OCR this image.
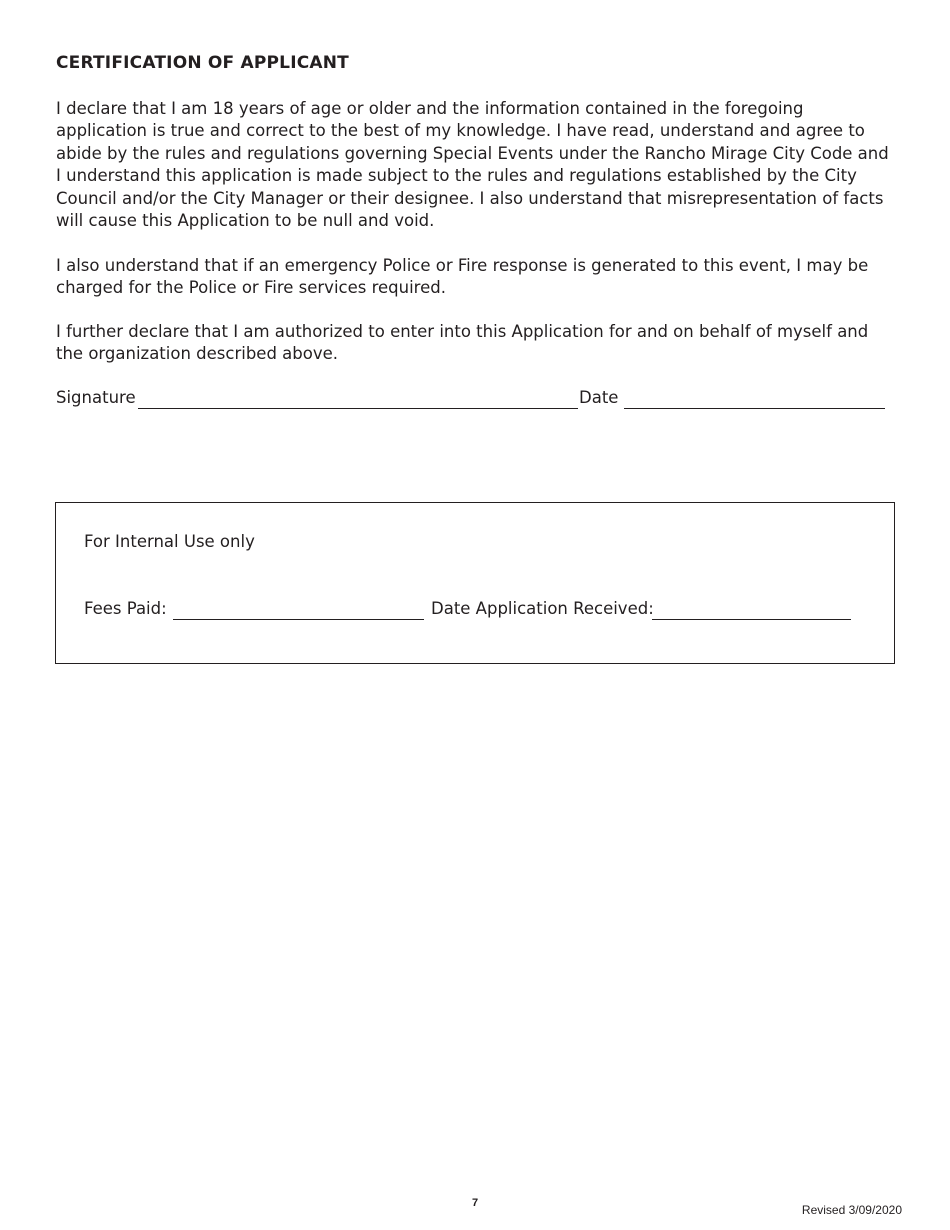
CERTIFICATION OF APPLICANT

I declare that I am 18 years of age or older and the information contained in the foregoing application is true and correct to the best of my knowledge. I have read, understand and agree to abide by the rules and regulations governing Special Events under the Rancho Mirage City Code and I understand this application is made subject to the rules and regulations established by the City Council and/or the City Manager or their designee. I also understand that misrepresentation of facts will cause this Application to be null and void.

I also understand that if an emergency Police or Fire response is generated to this event, I may be charged for the Police or Fire services required.

I further declare that I am authorized to enter into this Application for and on behalf of myself and the organization described above.

Signature	Date
For Internal Use only
Fees Paid:	Date Application Received:
7	Revised 3/09/2020
